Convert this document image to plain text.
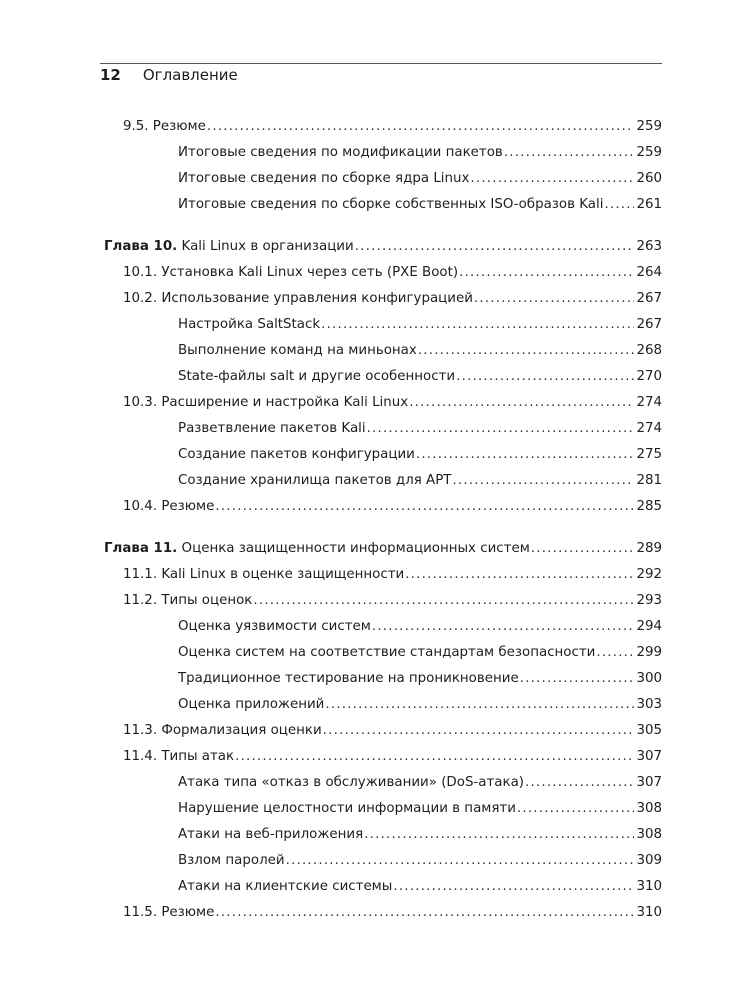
12 Оглавление
9.5. Резюме .....	259
Итоговые сведения по модификации пакетов .....	259
Итоговые сведения по сборке ядра Linux .....	260
Итоговые сведения по сборке собственных ISO-образов Kali ..... 261
Глава 10. Kali Linux в организации .....	263
10.1. Установка Kali Linux через сеть (PXE Boot) .....	264
10.2. Использование управления конфигурацией .....	267
Настройка SaltStack .....	267
Выполнение команд на миньонах .....	268
State-файлы salt и другие особенности .....	270
10.3. Расширение и настройка Kali Linux .....	274
Разветвление пакетов Kali .....	274
Создание пакетов конфигурации .....	275
Создание хранилища пакетов для APT .....	281
10.4. Резюме .....	285
Глава 11. Оценка защищенности информационных систем .....	289
11.1. Kali Linux в оценке защищенности .....	292
11.2. Типы оценок .....	293
Оценка уязвимости систем .....	294
Оценка систем на соответствие стандартам безопасности .....	299
Традиционное тестирование на проникновение .....	300
Оценка приложений .....	303
11.3. Формализация оценки .....	305
11.4. Типы атак .....	307
Атака типа «отказ в обслуживании» (DoS-атака) .....	307
Нарушение целостности информации в памяти .....	308
Атаки на веб-приложения .....	308
Взлом паролей .....	309
Атаки на клиентские системы .....	310
11.5. Резюме .....	310
